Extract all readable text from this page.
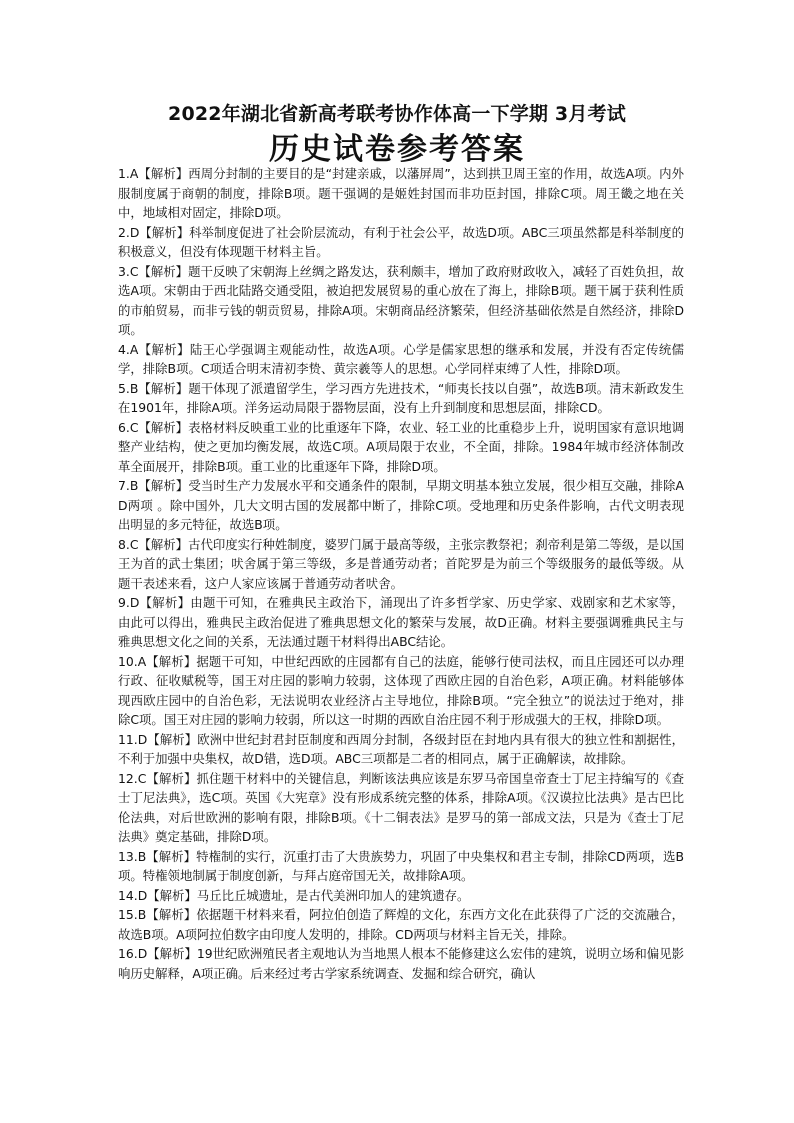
2022年湖北省新高考联考协作体高一下学期 3月考试
历史试卷参考答案

1.A【解析】西周分封制的主要目的是“封建亲戚，以藩屏周”，达到拱卫周王室的作用，故选A项。内外服制度属于商朝的制度，排除B项。题干强调的是姬姓封国而非功臣封国，排除C项。周王畿之地在关中，地域相对固定，排除D项。

2.D【解析】科举制度促进了社会阶层流动，有利于社会公平，故选D项。ABC三项虽然都是科举制度的积极意义，但没有体现题干材料主旨。

3.C【解析】题干反映了宋朝海上丝绸之路发达，获利颇丰，增加了政府财政收入，减轻了百姓负担，故选A项。宋朝由于西北陆路交通受阻，被迫把发展贸易的重心放在了海上，排除B项。题干属于获利性质的市舶贸易，而非亏钱的朝贡贸易，排除A项。宋朝商品经济繁荣，但经济基础依然是自然经济，排除D项。

4.A【解析】陆王心学强调主观能动性，故选A项。心学是儒家思想的继承和发展，并没有否定传统儒学，排除B项。C项适合明末清初李贽、黄宗羲等人的思想。心学同样束缚了人性，排除D项。

5.B【解析】题干体现了派遣留学生，学习西方先进技术，“师夷长技以自强”，故选B项。清末新政发生在1901年，排除A项。洋务运动局限于器物层面，没有上升到制度和思想层面，排除CD。

6.C【解析】表格材料反映重工业的比重逐年下降，农业、轻工业的比重稳步上升，说明国家有意识地调整产业结构，使之更加均衡发展，故选C项。A项局限于农业，不全面，排除。1984年城市经济体制改革全面展开，排除B项。重工业的比重逐年下降，排除D项。

7.B【解析】受当时生产力发展水平和交通条件的限制，早期文明基本独立发展，很少相互交融，排除AD两项 。除中国外，几大文明古国的发展都中断了，排除C项。受地理和历史条件影响，古代文明表现出明显的多元特征，故选B项。

8.C【解析】古代印度实行种姓制度，婆罗门属于最高等级，主张宗教祭祀；刹帝利是第二等级，是以国王为首的武士集团；吠舍属于第三等级，多是普通劳动者；首陀罗是为前三个等级服务的最低等级。从题干表述来看，这户人家应该属于普通劳动者吠舍。

9.D【解析】由题干可知，在雅典民主政治下，涌现出了许多哲学家、历史学家、戏剧家和艺术家等，由此可以得出，雅典民主政治促进了雅典思想文化的繁荣与发展，故D正确。材料主要强调雅典民主与雅典思想文化之间的关系，无法通过题干材料得出ABC结论。

10.A【解析】据题干可知，中世纪西欧的庄园都有自己的法庭，能够行使司法权，而且庄园还可以办理行政、征收赋税等，国王对庄园的影响力较弱，这体现了西欧庄园的自治色彩，A项正确。材料能够体现西欧庄园中的自治色彩，无法说明农业经济占主导地位，排除B项。“完全独立”的说法过于绝对，排除C项。国王对庄园的影响力较弱，所以这一时期的西欧自治庄园不利于形成强大的王权，排除D项。

11.D【解析】欧洲中世纪封君封臣制度和西周分封制，各级封臣在封地内具有很大的独立性和割据性，不利于加强中央集权，故D错，选D项。ABC三项都是二者的相同点，属于正确解读，故排除。

12.C【解析】抓住题干材料中的关键信息，判断该法典应该是东罗马帝国皇帝查士丁尼主持编写的《查士丁尼法典》，选C项。英国《大宪章》没有形成系统完整的体系，排除A项。《汉谟拉比法典》是古巴比伦法典，对后世欧洲的影响有限，排除B项。《十二铜表法》是罗马的第一部成文法，只是为《查士丁尼法典》奠定基础，排除D项。

13.B【解析】特権制的实行，沉重打击了大贵族势力，巩固了中央集权和君主专制，排除CD两项，选B项。特権领地制属于制度创新，与拜占庭帝国无关，故排除A项。

14.D【解析】马丘比丘城遗址，是古代美洲印加人的建筑遗存。

15.B【解析】依据题干材料来看，阿拉伯创造了辉煌的文化，东西方文化在此获得了广泛的交流融合，故选B项。A项阿拉伯数字由印度人发明的，排除。CD两项与材料主旨无关，排除。

16.D【解析】19世纪欧洲殖民者主观地认为当地黑人根本不能修建这么宏伟的建筑，说明立场和偏见影响历史解释，A项正确。后来经过考古学家系统调查、发掘和综合研究，确认
